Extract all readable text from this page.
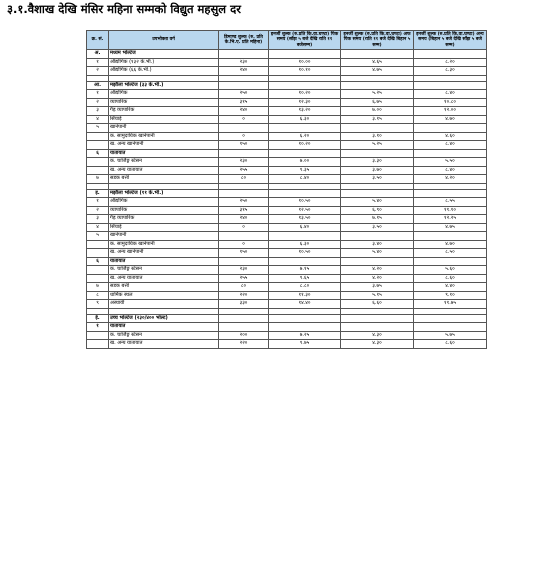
३.१.वैशाख देखि मंसिर महिना सम्मको विद्युत महसुल दर
क्र. सं.	उपभोक्ता वर्ग	डिमाण्ड शुल्क (रु. प्रति के.भि.ए. प्रति महिना)	इनर्जी शुल्क (रु.प्रति कि.वा.घण्टा) पिक समय (साँझ ५ बजे देखि राति ११ बजेसम्म)	इनर्जी शुल्क (रु.प्रति कि.वा.घण्टा) अफ पिक समय (राति ११ बजे देखि बिहान ५ सम्म)	इनर्जी शुल्क (रु.प्रति कि.वा.घण्टा) अन्य समय (बिहान ५ बजे देखि साँझ ५ बजे सम्म)
अ.	मध्यम भोल्टेज				
१	औद्योगिक (१३२ के.भी.)	२३०	१०.००	४.६५	८.२०
२	औद्योगिक (६६ के.भी.)	२४०	१०.१०	४.७५	८.३०

आ.	मझौला भोल्टेज (३३ के.भी.)				
१	औद्योगिक	२५०	१०.२०	५.२५	८.४०
२	व्यापारिक	३१५	१२.३०	६.७५	१०.८०
३	गैह्र व्यापारिक	२४०	१३.२०	७.००	१२.००
४	सिंचाई	०	६.३०	३.१५	४.७०
५	खानेपानी				
	क. सामुदायिक खानेपानी	०	६.२०	३.१०	४.६०
	ख. अन्य खानेपानी	१५०	१०.२०	५.२५	८.४०
६	यातायात				
	क. चार्जिङ्ग स्टेसन	२३०	७.००	३.३०	५.५०
	ख. अन्य यातायात	२५५	९.३५	३.७०	८.४०
७	सडक बत्ती	८०	८.४०	३.५०	४.२०

इ.	मझौला भोल्टेज (११ के.भी.)				
१	औद्योगिक	२५०	१०.५०	५.४०	८.५५
२	व्यापारिक	३१५	१२.५०	६.९०	११.१०
३	गैह्र व्यापारिक	२४०	१३.५०	७.१५	१२.२५
४	सिंचाई	०	६.४०	३.५०	४.७५
५	खानेपानी				
	क. सामुदायिक खानेपानी	०	६.३०	३.४०	४.७०
	ख. अन्य खानेपानी	१५०	१०.५०	५.४०	८.५०
६	यातायात				
	क. चार्जिङ्ग स्टेसन	२३०	७.१५	४.२०	५.६०
	ख. अन्य यातायात	२५५	९.६५	४.२०	८.६०
७	सडक बत्ती	८०	८.८०	३.७५	४.४०
८	धार्मिक स्थल	२२०	११.३०	५.१५	९.१०
९	अस्थायी	३३०	१४.४०	६.६०	११.७५

ई.	उच्च भोल्टेज (२३०/४०० भोल्ट)				
१	यातायात				
	क. चार्जिङ्ग स्टेसन	२००	७.२५	४.३०	५.७५
	ख. अन्य यातायात	२२०	९.७५	४.३०	८.६०
